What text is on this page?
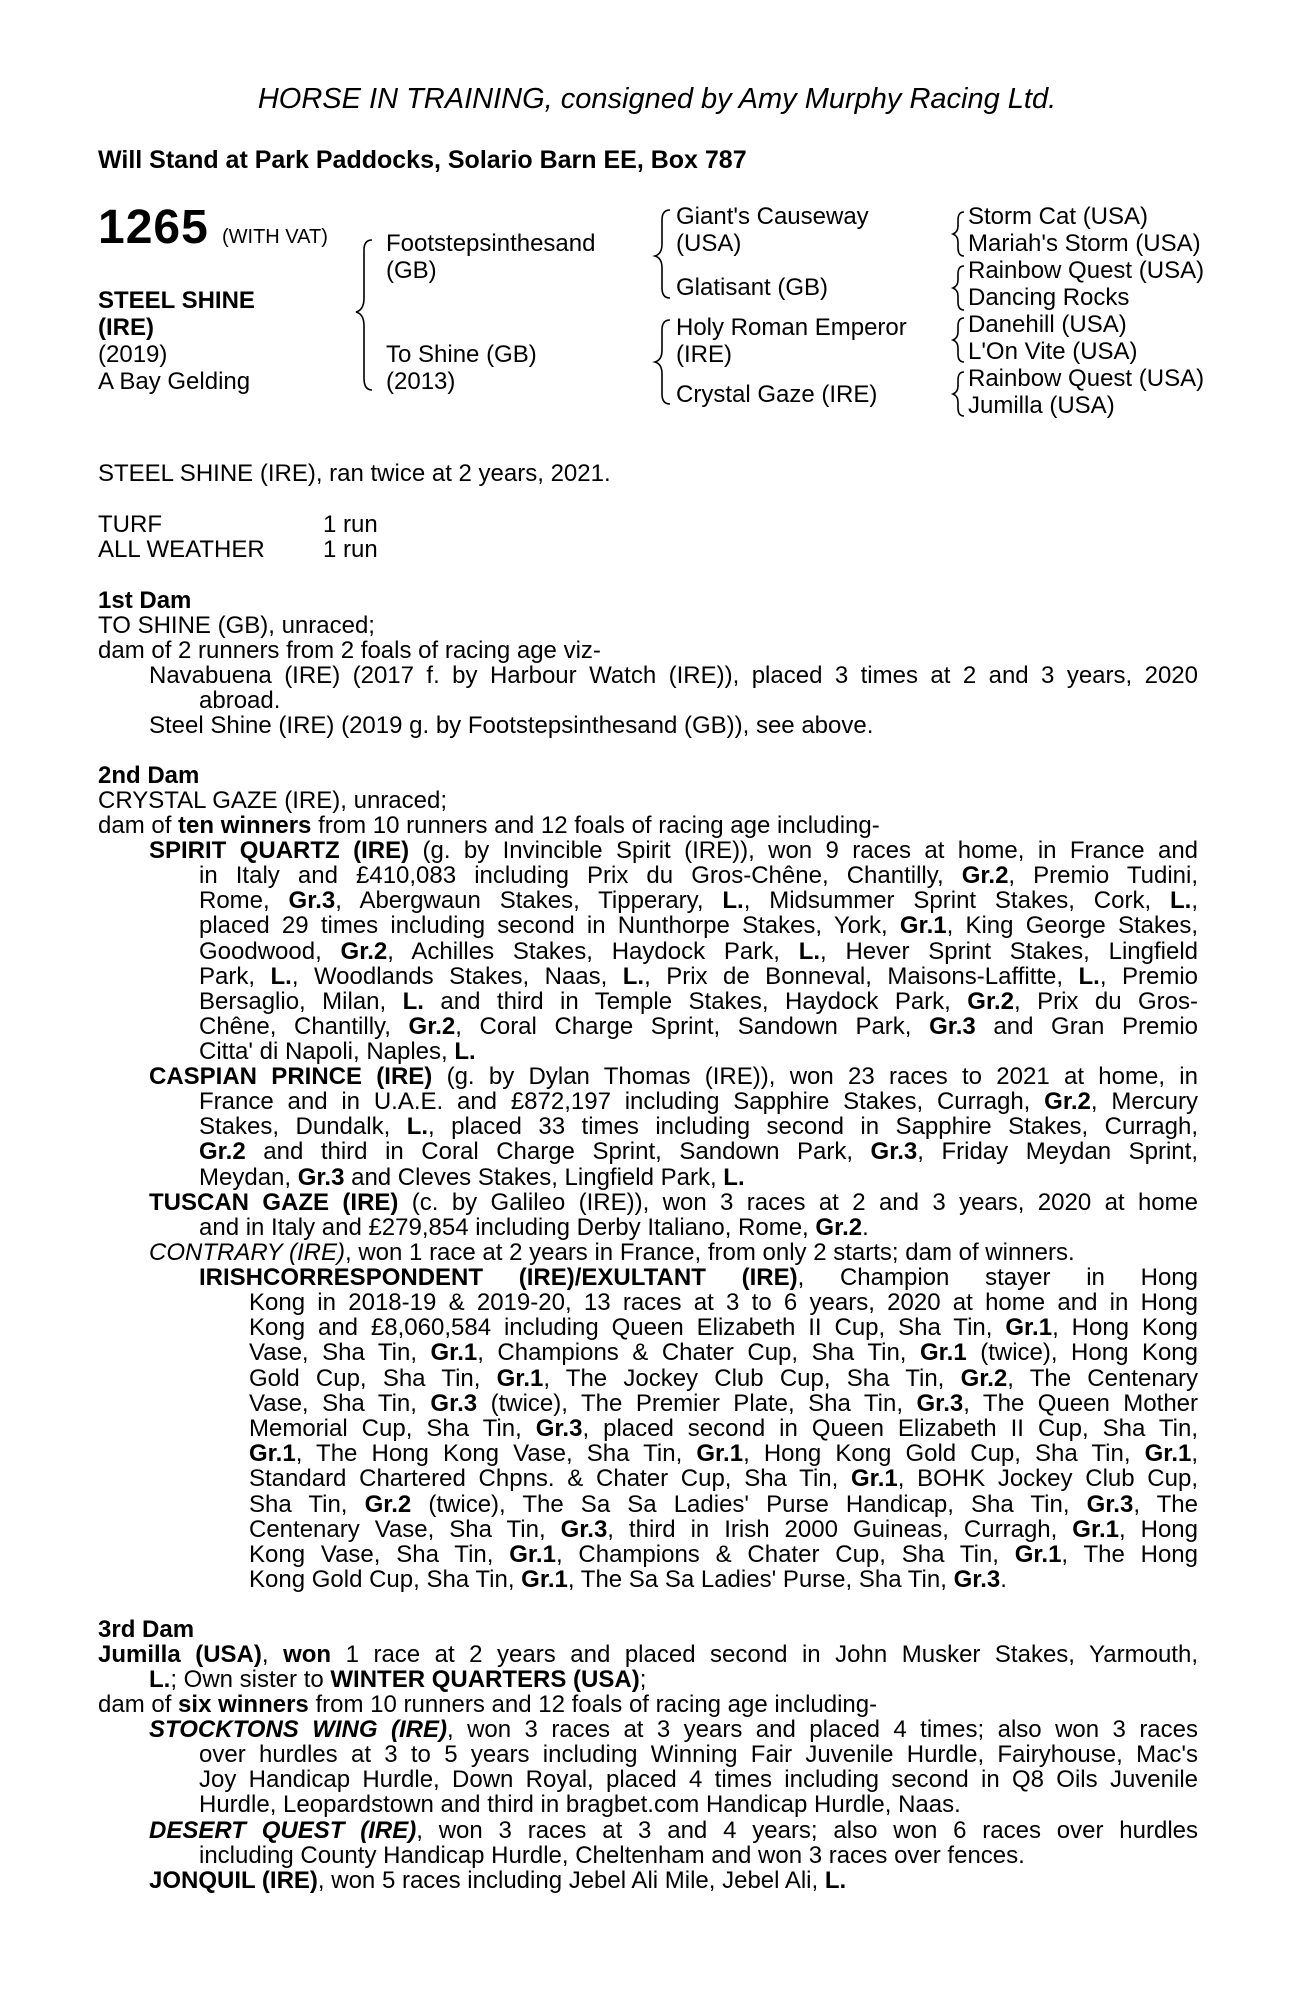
HORSE IN TRAINING, consigned by Amy Murphy Racing Ltd.
Will Stand at Park Paddocks, Solario Barn EE, Box 787
1265 (WITH VAT)
STEEL SHINE
(IRE)
(2019)
A Bay Gelding
Footstepsinthesand
(GB)
To Shine (GB)
(2013)
Giant's Causeway
(USA)
Glatisant (GB)
Holy Roman Emperor
(IRE)
Crystal Gaze (IRE)
Storm Cat (USA)
Mariah's Storm (USA)
Rainbow Quest (USA)
Dancing Rocks
Danehill (USA)
L'On Vite (USA)
Rainbow Quest (USA)
Jumilla (USA)
STEEL SHINE (IRE), ran twice at 2 years, 2021.
TURF	1 run
ALL WEATHER 1 run
1st Dam
TO SHINE (GB), unraced;
dam of 2 runners from 2 foals of racing age viz-
Navabuena (IRE) (2017 f. by Harbour Watch (IRE)), placed 3 times at 2 and 3 years, 2020
abroad.
Steel Shine (IRE) (2019 g. by Footstepsinthesand (GB)), see above.
2nd Dam
CRYSTAL GAZE (IRE), unraced;
dam of ten winners from 10 runners and 12 foals of racing age including-
SPIRIT QUARTZ (IRE) (g. by Invincible Spirit (IRE)), won 9 races at home, in France and
in Italy and £410,083 including Prix du Gros-Chêne, Chantilly, Gr.2, Premio Tudini,
Rome, Gr.3, Abergwaun Stakes, Tipperary, L., Midsummer Sprint Stakes, Cork, L.,
placed 29 times including second in Nunthorpe Stakes, York, Gr.1, King George Stakes,
Goodwood, Gr.2, Achilles Stakes, Haydock Park, L., Hever Sprint Stakes, Lingfield
Park, L., Woodlands Stakes, Naas, L., Prix de Bonneval, Maisons-Laffitte, L., Premio
Bersaglio, Milan, L. and third in Temple Stakes, Haydock Park, Gr.2, Prix du Gros-
Chêne, Chantilly, Gr.2, Coral Charge Sprint, Sandown Park, Gr.3 and Gran Premio
Citta' di Napoli, Naples, L.
CASPIAN PRINCE (IRE) (g. by Dylan Thomas (IRE)), won 23 races to 2021 at home, in
France and in U.A.E. and £872,197 including Sapphire Stakes, Curragh, Gr.2, Mercury
Stakes, Dundalk, L., placed 33 times including second in Sapphire Stakes, Curragh,
Gr.2 and third in Coral Charge Sprint, Sandown Park, Gr.3, Friday Meydan Sprint,
Meydan, Gr.3 and Cleves Stakes, Lingfield Park, L.
TUSCAN GAZE (IRE) (c. by Galileo (IRE)), won 3 races at 2 and 3 years, 2020 at home
and in Italy and £279,854 including Derby Italiano, Rome, Gr.2.
CONTRARY (IRE), won 1 race at 2 years in France, from only 2 starts; dam of winners.
IRISHCORRESPONDENT (IRE)/EXULTANT (IRE), Champion stayer in Hong
Kong in 2018-19 & 2019-20, 13 races at 3 to 6 years, 2020 at home and in Hong
Kong and £8,060,584 including Queen Elizabeth II Cup, Sha Tin, Gr.1, Hong Kong
Vase, Sha Tin, Gr.1, Champions & Chater Cup, Sha Tin, Gr.1 (twice), Hong Kong
Gold Cup, Sha Tin, Gr.1, The Jockey Club Cup, Sha Tin, Gr.2, The Centenary
Vase, Sha Tin, Gr.3 (twice), The Premier Plate, Sha Tin, Gr.3, The Queen Mother
Memorial Cup, Sha Tin, Gr.3, placed second in Queen Elizabeth II Cup, Sha Tin,
Gr.1, The Hong Kong Vase, Sha Tin, Gr.1, Hong Kong Gold Cup, Sha Tin, Gr.1,
Standard Chartered Chpns. & Chater Cup, Sha Tin, Gr.1, BOHK Jockey Club Cup,
Sha Tin, Gr.2 (twice), The Sa Sa Ladies' Purse Handicap, Sha Tin, Gr.3, The
Centenary Vase, Sha Tin, Gr.3, third in Irish 2000 Guineas, Curragh, Gr.1, Hong
Kong Vase, Sha Tin, Gr.1, Champions & Chater Cup, Sha Tin, Gr.1, The Hong
Kong Gold Cup, Sha Tin, Gr.1, The Sa Sa Ladies' Purse, Sha Tin, Gr.3.
3rd Dam
Jumilla (USA), won 1 race at 2 years and placed second in John Musker Stakes, Yarmouth,
L.; Own sister to WINTER QUARTERS (USA);
dam of six winners from 10 runners and 12 foals of racing age including-
STOCKTONS WING (IRE), won 3 races at 3 years and placed 4 times; also won 3 races
over hurdles at 3 to 5 years including Winning Fair Juvenile Hurdle, Fairyhouse, Mac's
Joy Handicap Hurdle, Down Royal, placed 4 times including second in Q8 Oils Juvenile
Hurdle, Leopardstown and third in bragbet.com Handicap Hurdle, Naas.
DESERT QUEST (IRE), won 3 races at 3 and 4 years; also won 6 races over hurdles
including County Handicap Hurdle, Cheltenham and won 3 races over fences.
JONQUIL (IRE), won 5 races including Jebel Ali Mile, Jebel Ali, L.
